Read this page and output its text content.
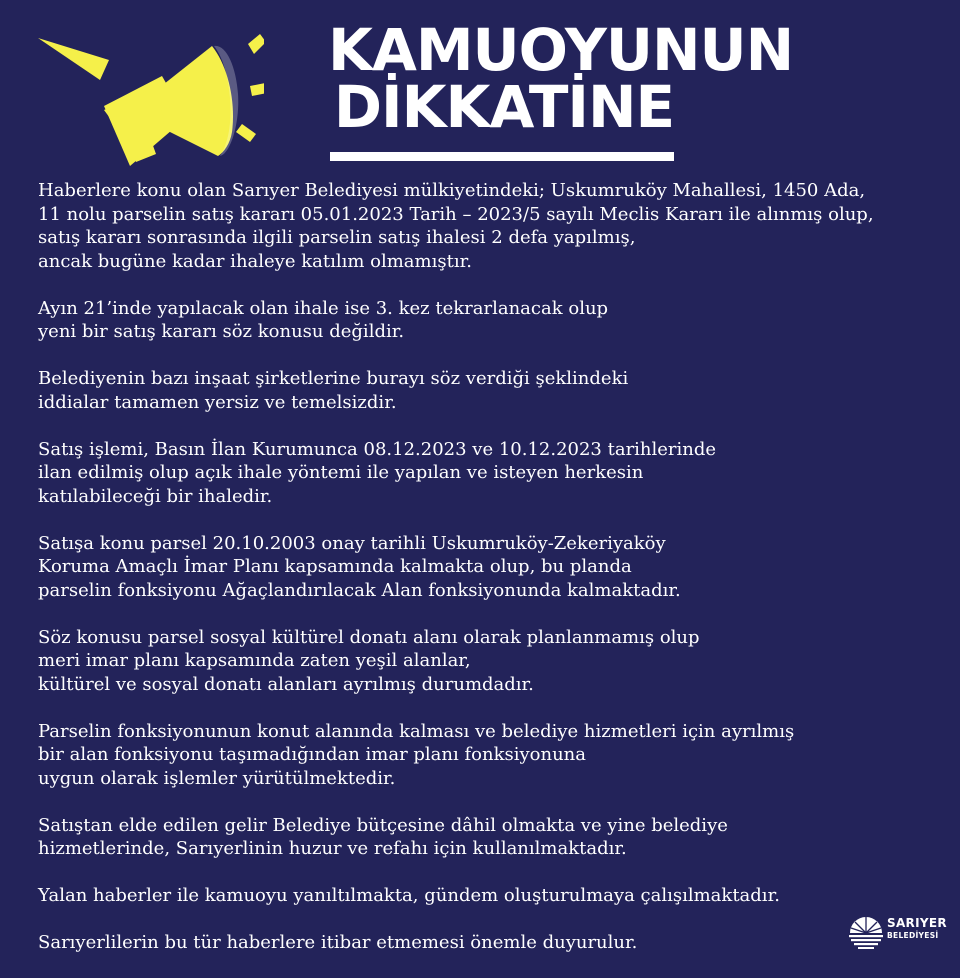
KAMUOYUNUN
DİKKATİNE

Haberlere konu olan Sarıyer Belediyesi mülkiyetindeki; Uskumruköy Mahallesi, 1450 Ada,
11 nolu parselin satış kararı 05.01.2023 Tarih – 2023/5 sayılı Meclis Kararı ile alınmış olup,
satış kararı sonrasında ilgili parselin satış ihalesi 2 defa yapılmış,
ancak bugüne kadar ihaleye katılım olmamıştır.

Ayın 21’inde yapılacak olan ihale ise 3. kez tekrarlanacak olup
yeni bir satış kararı söz konusu değildir.

Belediyenin bazı inşaat şirketlerine burayı söz verdiği şeklindeki
iddialar tamamen yersiz ve temelsizdir.

Satış işlemi, Basın İlan Kurumunca 08.12.2023 ve 10.12.2023 tarihlerinde
ilan edilmiş olup açık ihale yöntemi ile yapılan ve isteyen herkesin
katılabileceği bir ihaledir.

Satışa konu parsel 20.10.2003 onay tarihli Uskumruköy-Zekeriyaköy
Koruma Amaçlı İmar Planı kapsamında kalmakta olup, bu planda
parselin fonksiyonu Ağaçlandırılacak Alan fonksiyonunda kalmaktadır.

Söz konusu parsel sosyal kültürel donatı alanı olarak planlanmamış olup
meri imar planı kapsamında zaten yeşil alanlar,
kültürel ve sosyal donatı alanları ayrılmış durumdadır.

Parselin fonksiyonunun konut alanında kalması ve belediye hizmetleri için ayrılmış
bir alan fonksiyonu taşımadığından imar planı fonksiyonuna
uygun olarak işlemler yürütülmektedir.

Satıştan elde edilen gelir Belediye bütçesine dâhil olmakta ve yine belediye
hizmetlerinde, Sarıyerlinin huzur ve refahı için kullanılmaktadır.

Yalan haberler ile kamuoyu yanıltılmakta, gündem oluşturulmaya çalışılmaktadır.

Sarıyerlilerin bu tür haberlere itibar etmemesi önemle duyurulur.

SARIYER
BELEDİYESİ
